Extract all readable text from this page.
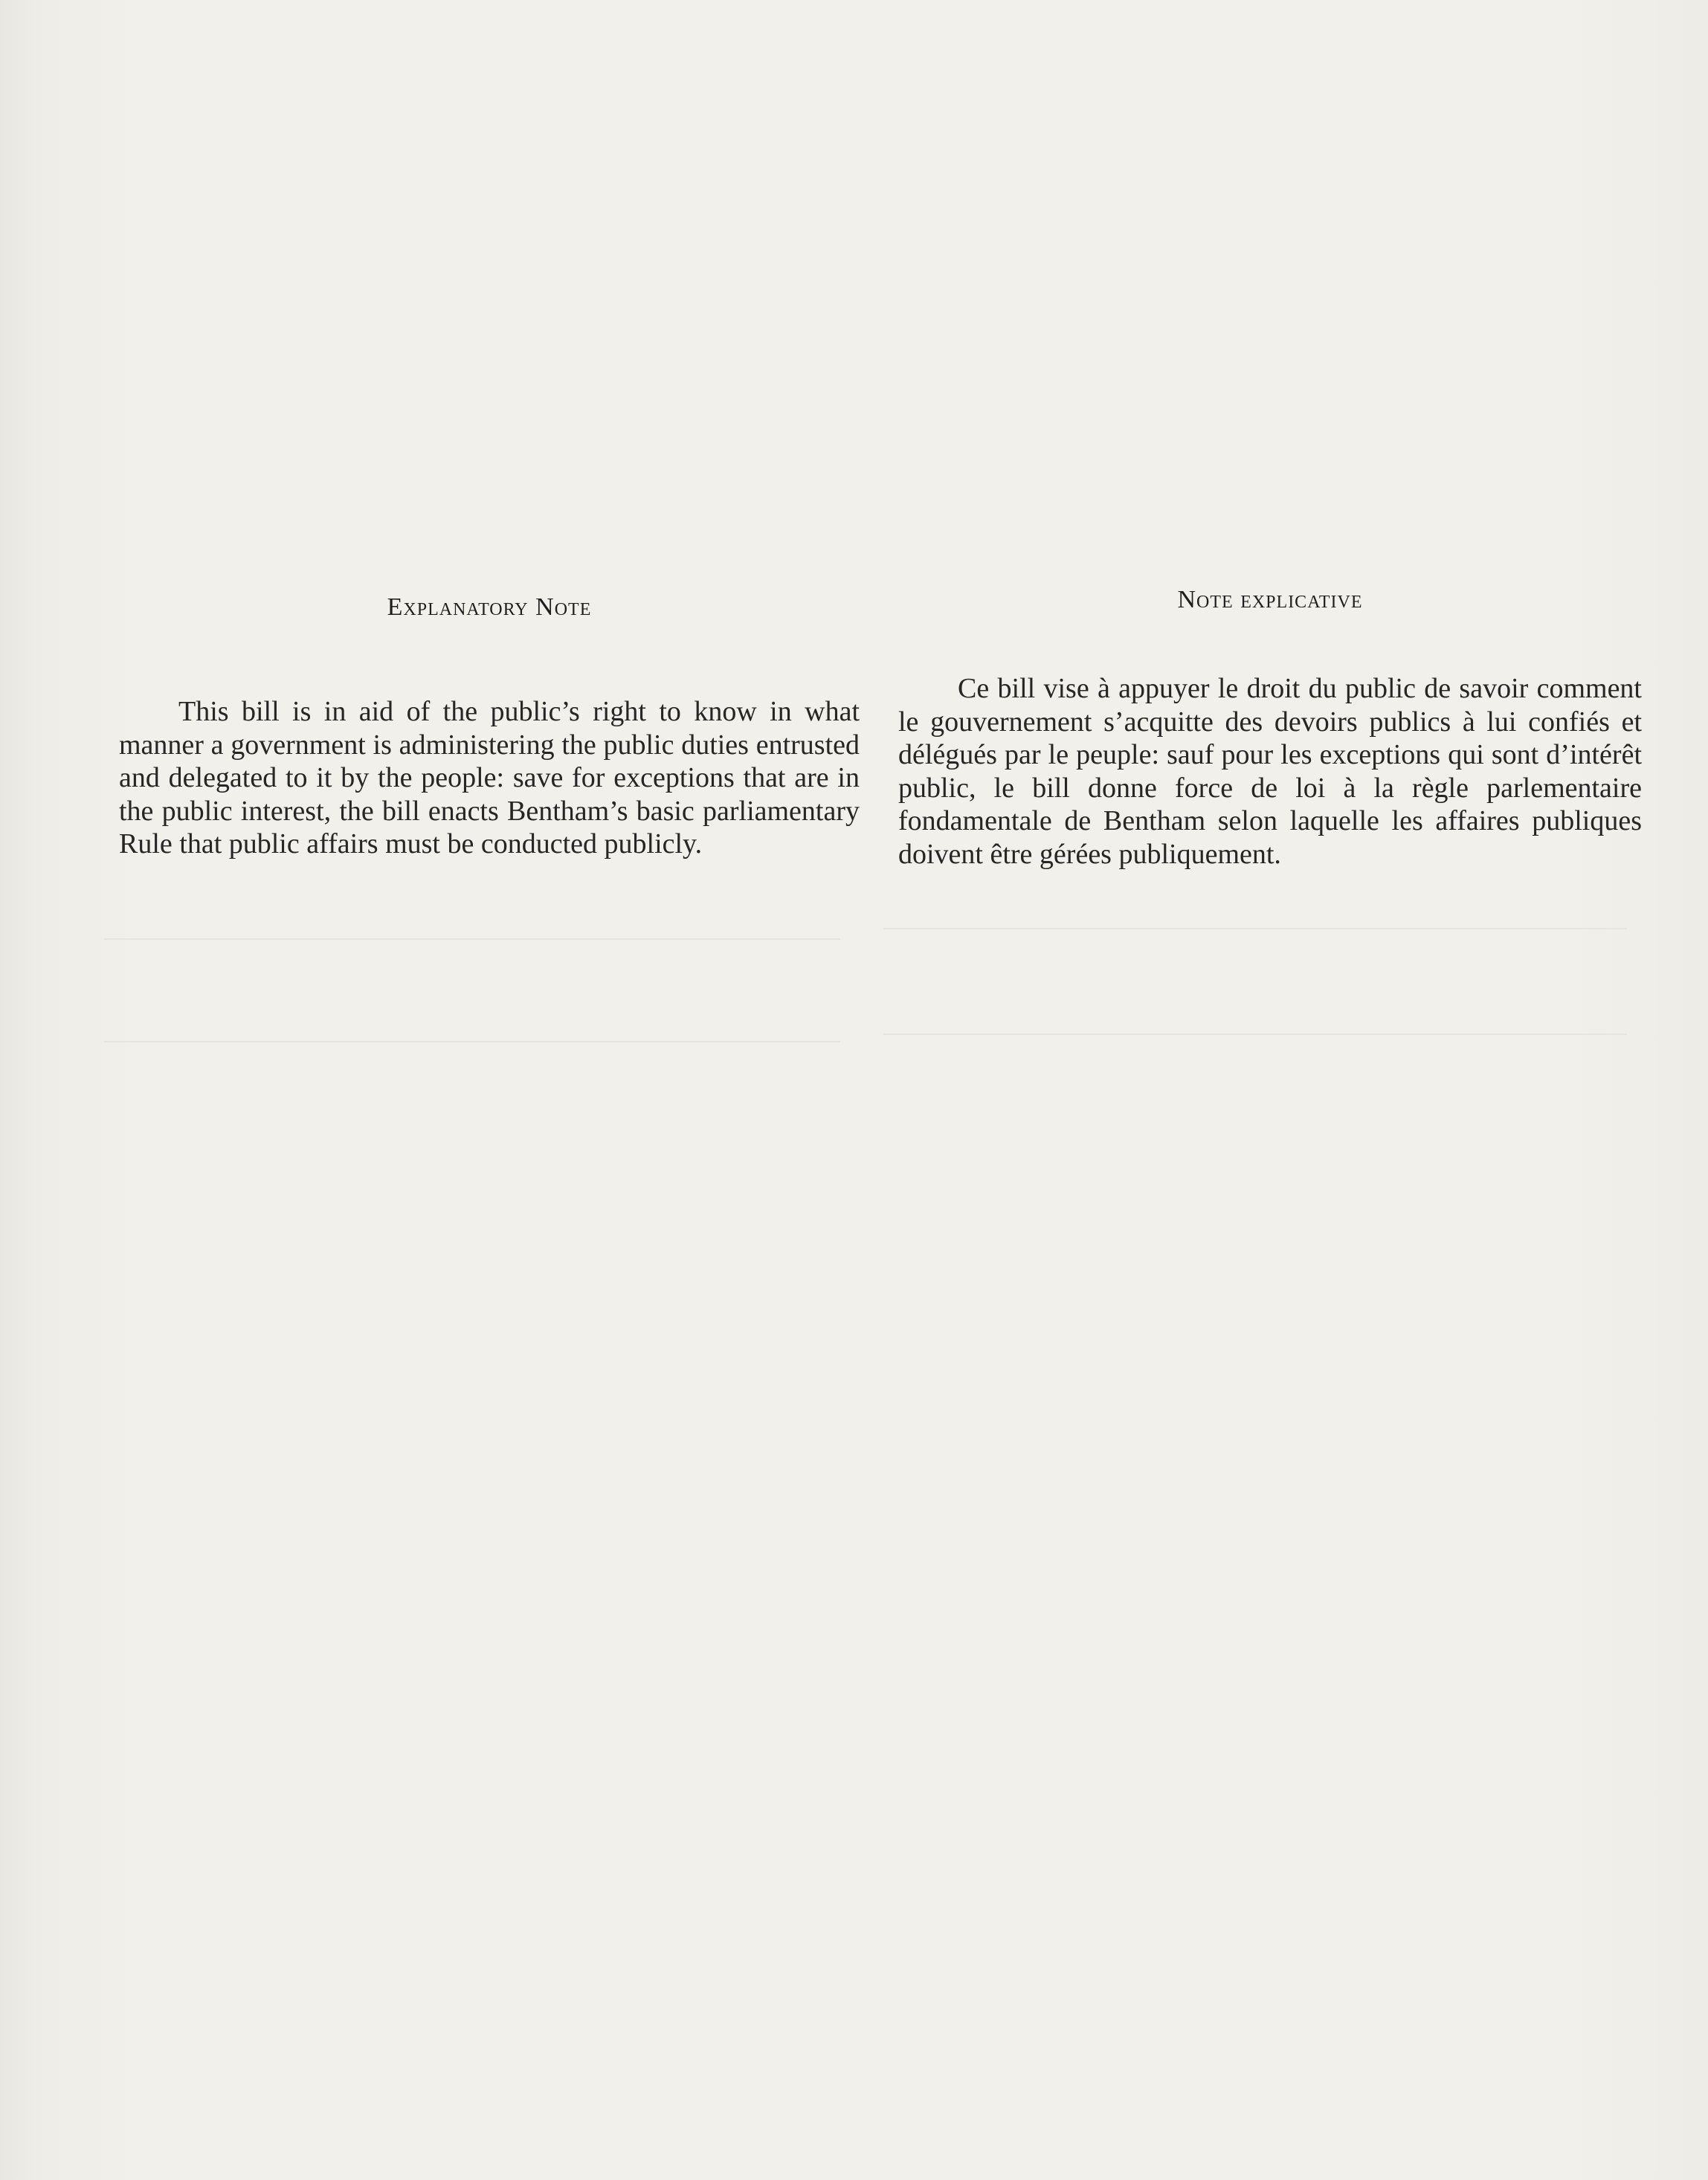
Explanatory Note

This bill is in aid of the public’s right to know in what manner a government is administering the public duties entrusted and delegated to it by the people: save for exceptions that are in the public interest, the bill enacts Bentham’s basic parliamentary Rule that public affairs must be conducted publicly.

Note explicative

Ce bill vise à appuyer le droit du public de savoir comment le gouvernement s’acquitte des devoirs publics à lui confiés et délégués par le peuple: sauf pour les exceptions qui sont d’intérêt public, le bill donne force de loi à la règle parlementaire fondamentale de Bentham selon laquelle les affaires publiques doivent être gérées publiquement.
